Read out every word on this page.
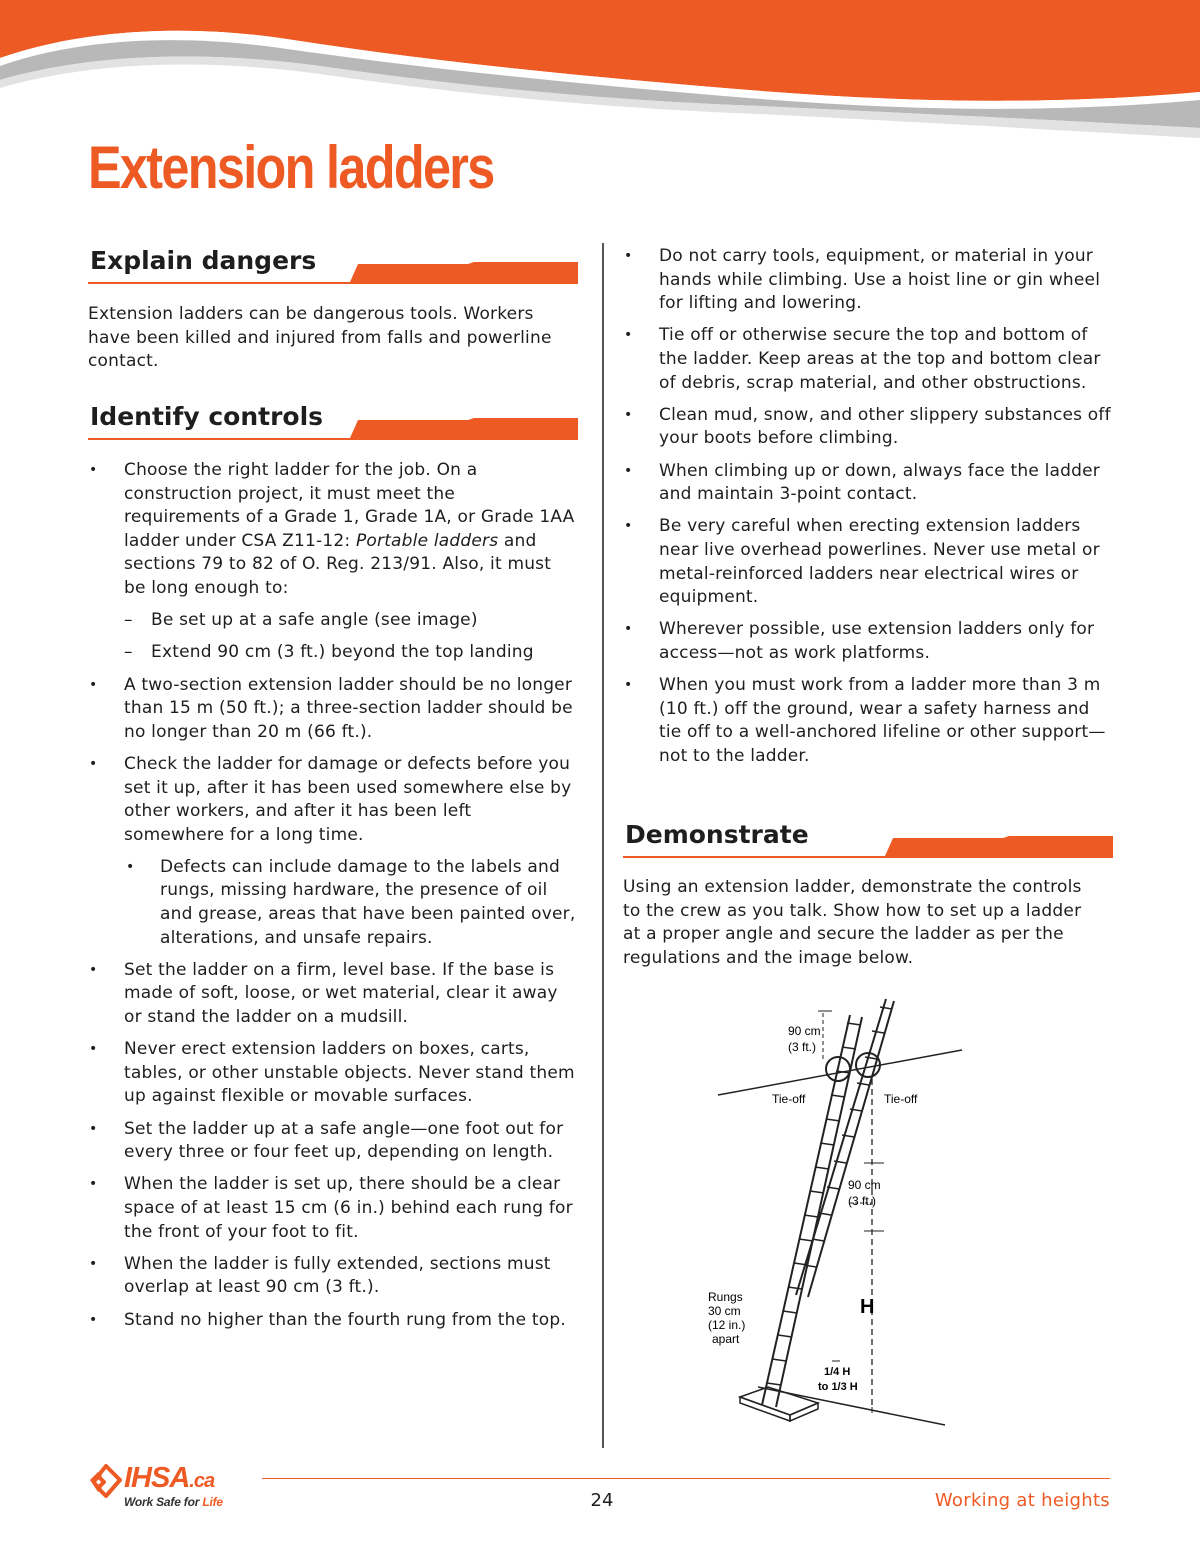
Extension ladders
Explain dangers

Extension ladders can be dangerous tools. Workers have been killed and injured from falls and powerline contact.

Identify controls
• Choose the right ladder for the job. On a construction project, it must meet the requirements of a Grade 1, Grade 1A, or Grade 1AA ladder under CSA Z11-12: Portable ladders and sections 79 to 82 of O. Reg. 213/91. Also, it must be long enough to:
– Be set up at a safe angle (see image)
– Extend 90 cm (3 ft.) beyond the top landing
• A two-section extension ladder should be no longer than 15 m (50 ft.); a three-section ladder should be no longer than 20 m (66 ft.).
• Check the ladder for damage or defects before you set it up, after it has been used somewhere else by other workers, and after it has been left somewhere for a long time.
• Defects can include damage to the labels and rungs, missing hardware, the presence of oil and grease, areas that have been painted over, alterations, and unsafe repairs.
• Set the ladder on a firm, level base. If the base is made of soft, loose, or wet material, clear it away or stand the ladder on a mudsill.
• Never erect extension ladders on boxes, carts, tables, or other unstable objects. Never stand them up against flexible or movable surfaces.
• Set the ladder up at a safe angle—one foot out for every three or four feet up, depending on length.
• When the ladder is set up, there should be a clear space of at least 15 cm (6 in.) behind each rung for the front of your foot to fit.
• When the ladder is fully extended, sections must overlap at least 90 cm (3 ft.).
• Stand no higher than the fourth rung from the top.
• Do not carry tools, equipment, or material in your hands while climbing. Use a hoist line or gin wheel for lifting and lowering.
• Tie off or otherwise secure the top and bottom of the ladder. Keep areas at the top and bottom clear of debris, scrap material, and other obstructions.
• Clean mud, snow, and other slippery substances off your boots before climbing.
• When climbing up or down, always face the ladder and maintain 3-point contact.
• Be very careful when erecting extension ladders near live overhead powerlines. Never use metal or metal-reinforced ladders near electrical wires or equipment.
• Wherever possible, use extension ladders only for access—not as work platforms.
• When you must work from a ladder more than 3 m (10 ft.) off the ground, wear a safety harness and tie off to a well-anchored lifeline or other support—not to the ladder.
Demonstrate

Using an extension ladder, demonstrate the controls to the crew as you talk. Show how to set up a ladder at a proper angle and secure the ladder as per the regulations and the image below.

90 cm
(3 ft.)
Tie-off	Tie-off
90 cm
(3 ft.)
H
Rungs
30 cm
(12 in.)
apart
1/4 H
to 1/3 H
IHSA.ca
Work Safe for Life	24	Working at heights
